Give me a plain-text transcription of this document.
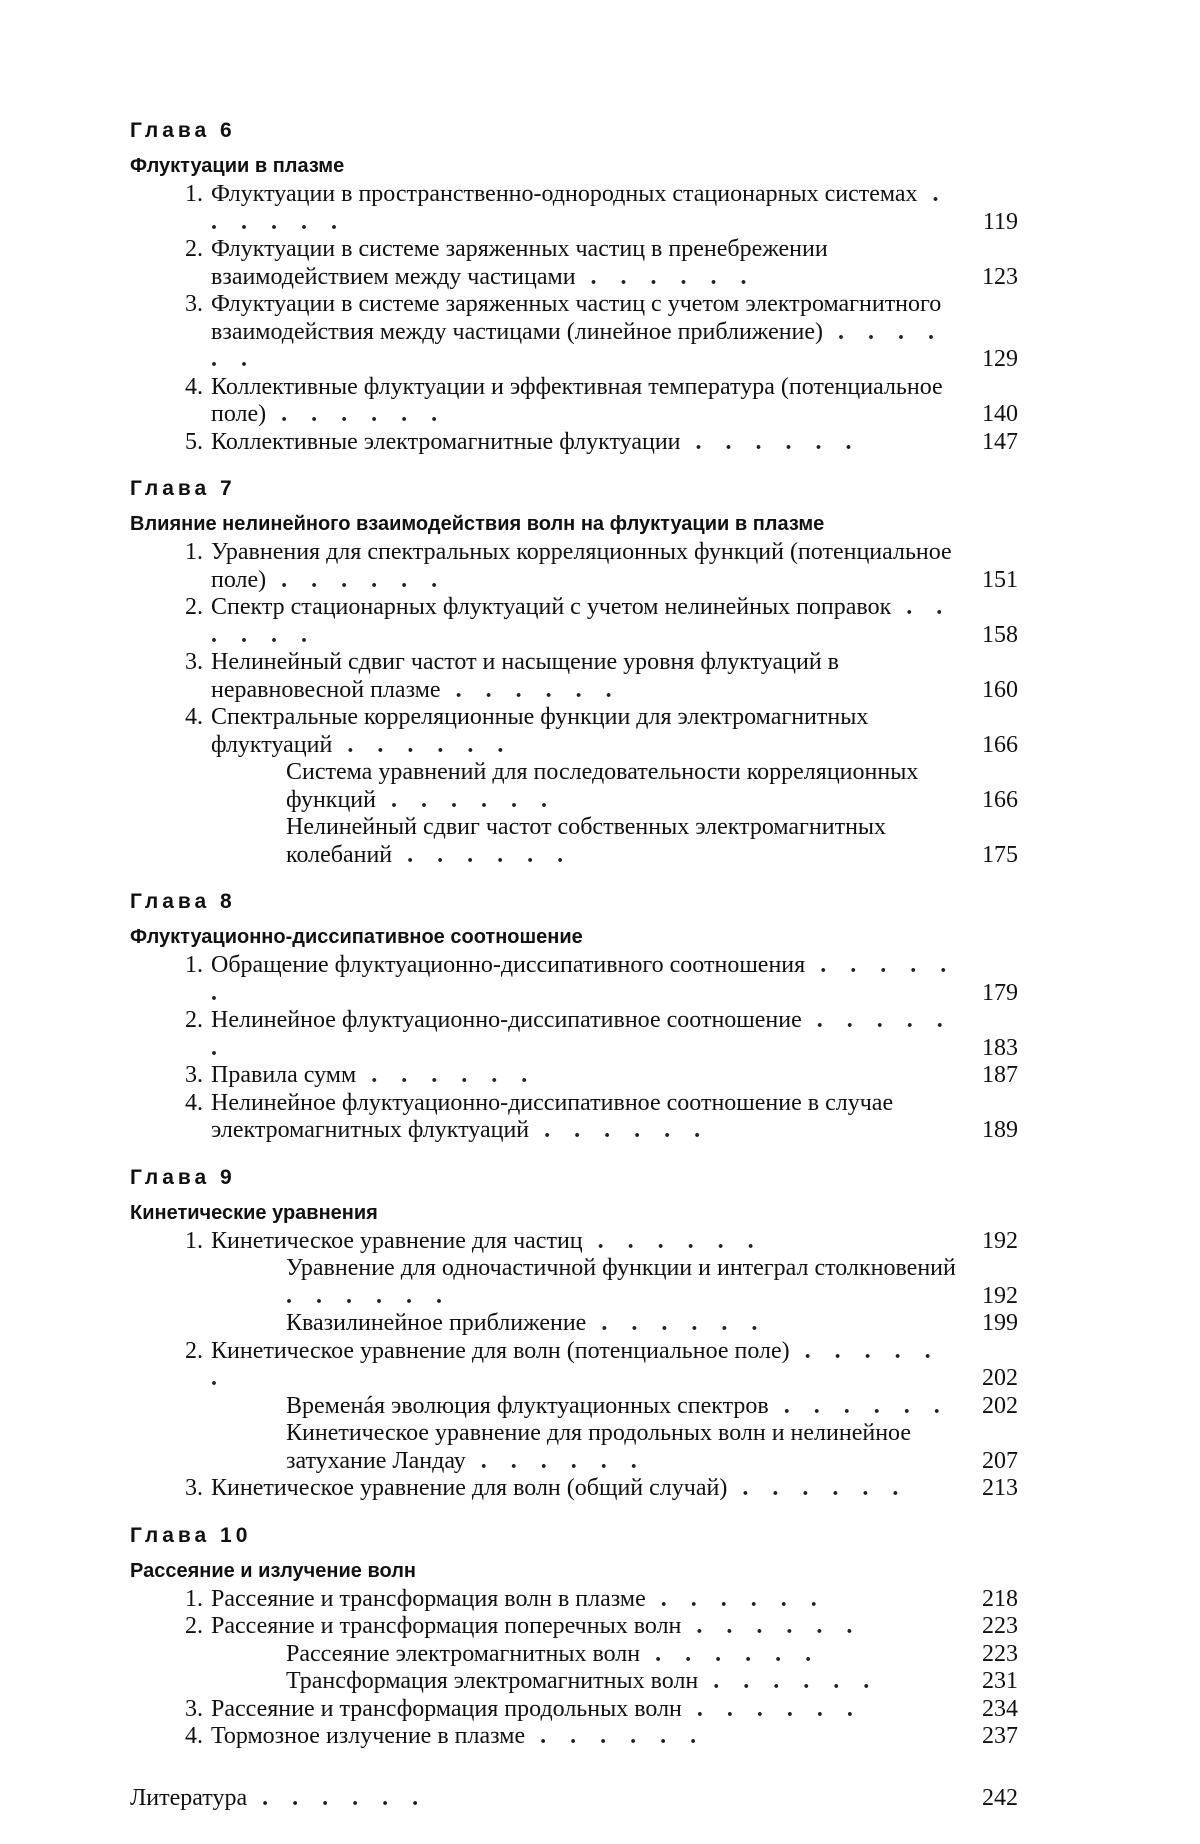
Глава 6
Флуктуации в плазме
1. Флуктуации в пространственно-однородных стационарных системах . . . . . .	119
2. Флуктуации в системе заряженных частиц в пренебрежении взаимодействием между частицами . . . . . .	123
3. Флуктуации в системе заряженных частиц с учетом электромагнитного взаимодействия между частицами (линейное приближение) . . . . . .	129
4. Коллективные флуктуации и эффективная температура (потенциальное поле) . . . . . .	140
5. Коллективные электромагнитные флуктуации . . . . . .	147
Глава 7
Влияние нелинейного взаимодействия волн на флуктуации в плазме
1. Уравнения для спектральных корреляционных функций (потенциальное поле) . . . . . .	151
2. Спектр стационарных флуктуаций с учетом нелинейных поправок . . . . . .	158
3. Нелинейный сдвиг частот и насыщение уровня флуктуаций в неравновесной плазме . . . . . .	160
4. Спектральные корреляционные функции для электромагнитных флуктуаций . . . . . .	166
Система уравнений для последовательности корреляционных функций . . . . . .	166
Нелинейный сдвиг частот собственных электромагнитных колебаний . . . . . .	175
Глава 8
Флуктуационно-диссипативное соотношение
1. Обращение флуктуационно-диссипативного соотношения . . . . . .	179
2. Нелинейное флуктуационно-диссипативное соотношение . . . . . .	183
3. Правила сумм . . . . . .	187
4. Нелинейное флуктуационно-диссипативное соотношение в случае электромагнитных флуктуаций . . . . . .	189
Глава 9
Кинетические уравнения
1. Кинетическое уравнение для частиц . . . . . .	192
Уравнение для одночастичной функции и интеграл столкновений . . . . . .	192
Квазилинейное приближение . . . . . .	199
2. Кинетическое уравнение для волн (потенциальное поле) . . . . . .	202
Временáя эволюция флуктуационных спектров . . . . . .	202
Кинетическое уравнение для продольных волн и нелинейное затухание Ландау . . . . . .	207
3. Кинетическое уравнение для волн (общий случай) . . . . . .	213
Глава 10
Рассеяние и излучение волн
1. Рассеяние и трансформация волн в плазме . . . . . .	218
2. Рассеяние и трансформация поперечных волн . . . . . .	223
Рассеяние электромагнитных волн . . . . . .	223
Трансформация электромагнитных волн . . . . . .	231
3. Рассеяние и трансформация продольных волн . . . . . .	234
4. Тормозное излучение в плазме . . . . . .	237
Литература . . . . . .	242
